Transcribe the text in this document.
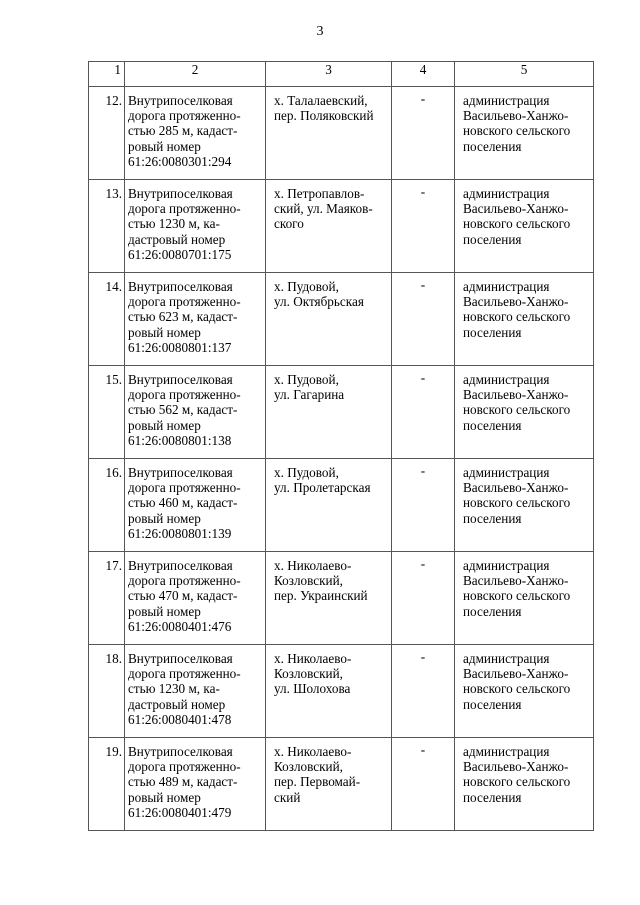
3
1	2	3	4	5
12.	Внутрипоселковая
дорога протяженно-
стью 285 м, кадаст-
ровый номер
61:26:0080301:294	х. Талалаевский,
пер. Поляковский	-	администрация
Васильево-Ханжо-
новского сельского
поселения

13.	Внутрипоселковая
дорога протяженно-
стью 1230 м, ка-
дастровый номер
61:26:0080701:175	х. Петропавлов-
ский, ул. Маяков-
ского	-	администрация
Васильево-Ханжо-
новского сельского
поселения

14.	Внутрипоселковая
дорога протяженно-
стью 623 м, кадаст-
ровый номер
61:26:0080801:137	х. Пудовой,
ул. Октябрьская	-	администрация
Васильево-Ханжо-
новского сельского
поселения

15.	Внутрипоселковая
дорога протяженно-
стью 562 м, кадаст-
ровый номер
61:26:0080801:138	х. Пудовой,
ул. Гагарина	-	администрация
Васильево-Ханжо-
новского сельского
поселения

16.	Внутрипоселковая
дорога протяженно-
стью 460 м, кадаст-
ровый номер
61:26:0080801:139	х. Пудовой,
ул. Пролетарская	-	администрация
Васильево-Ханжо-
новского сельского
поселения

17.	Внутрипоселковая
дорога протяженно-
стью 470 м, кадаст-
ровый номер
61:26:0080401:476	х. Николаево-
Козловский,
пер. Украинский	-	администрация
Васильево-Ханжо-
новского сельского
поселения

18.	Внутрипоселковая
дорога протяженно-
стью 1230 м, ка-
дастровый номер
61:26:0080401:478	х. Николаево-
Козловский,
ул. Шолохова	-	администрация
Васильево-Ханжо-
новского сельского
поселения

19.	Внутрипоселковая
дорога протяженно-
стью 489 м, кадаст-
ровый номер
61:26:0080401:479	х. Николаево-
Козловский,
пер. Первомай-
ский	-	администрация
Васильево-Ханжо-
новского сельского
поселения
